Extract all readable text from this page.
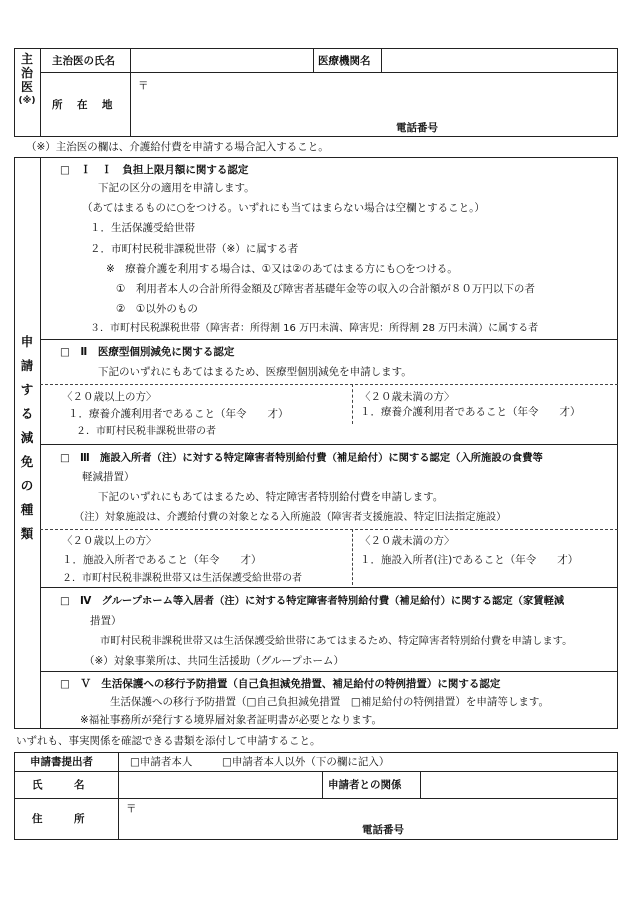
主
治
医
(※)
主治医の氏名	医療機関名
所　在　地
〒
電話番号
（※）主治医の欄は、介護給付費を申請する場合記入すること。
申
請
す
る
減
免
の
種
類
□　Ｉ　Ｉ　負担上限月額に関する認定
下記の区分の適用を申請します。
（あてはまるものに○をつける。いずれにも当てはまらない場合は空欄とすること。）
１．生活保護受給世帯
２．市町村民税非課税世帯（※）に属する者
※　療養介護を利用する場合は、①又は②のあてはまる方にも○をつける。
①　利用者本人の合計所得金額及び障害者基礎年金等の収入の合計額が８０万円以下の者
②　①以外のもの
３．市町村民税課税世帯（障害者：所得割 16 万円未満、障害児：所得割 28 万円未満）に属する者
□　Ⅱ　医療型個別減免に関する認定
下記のいずれにもあてはまるため、医療型個別減免を申請します。
〈２０歳以上の方〉
１．療養介護利用者であること（年令　　才）
２．市町村民税非課税世帯の者
〈２０歳未満の方〉
１．療養介護利用者であること（年令　　才）
□　Ⅲ　施設入所者（注）に対する特定障害者特別給付費（補足給付）に関する認定（入所施設の食費等
軽減措置）
下記のいずれにもあてはまるため、特定障害者特別給付費を申請します。
（注）対象施設は、介護給付費の対象となる入所施設（障害者支援施設、特定旧法指定施設）
〈２０歳以上の方〉
１．施設入所者であること（年令　　才）
２．市町村民税非課税世帯又は生活保護受給世帯の者
〈２０歳未満の方〉
１．施設入所者(注)であること（年令　　才）
□　Ⅳ　グループホーム等入居者（注）に対する特定障害者特別給付費（補足給付）に関する認定（家賃軽減
措置）
市町村民税非課税世帯又は生活保護受給世帯にあてはまるため、特定障害者特別給付費を申請します。
（※）対象事業所は、共同生活援助（グループホーム）
□　Ｖ　生活保護への移行予防措置（自己負担減免措置、補足給付の特例措置）に関する認定
生活保護への移行予防措置（□自己負担減免措置　□補足給付の特例措置）を申請等します。
※福祉事務所が発行する境界層対象者証明書が必要となります。
いずれも、事実関係を確認できる書類を添付して申請すること。
申請書提出者	□申請者本人	□申請者本人以外（下の欄に記入）
氏　　　名	申請者との関係
住　　　所
〒
電話番号
